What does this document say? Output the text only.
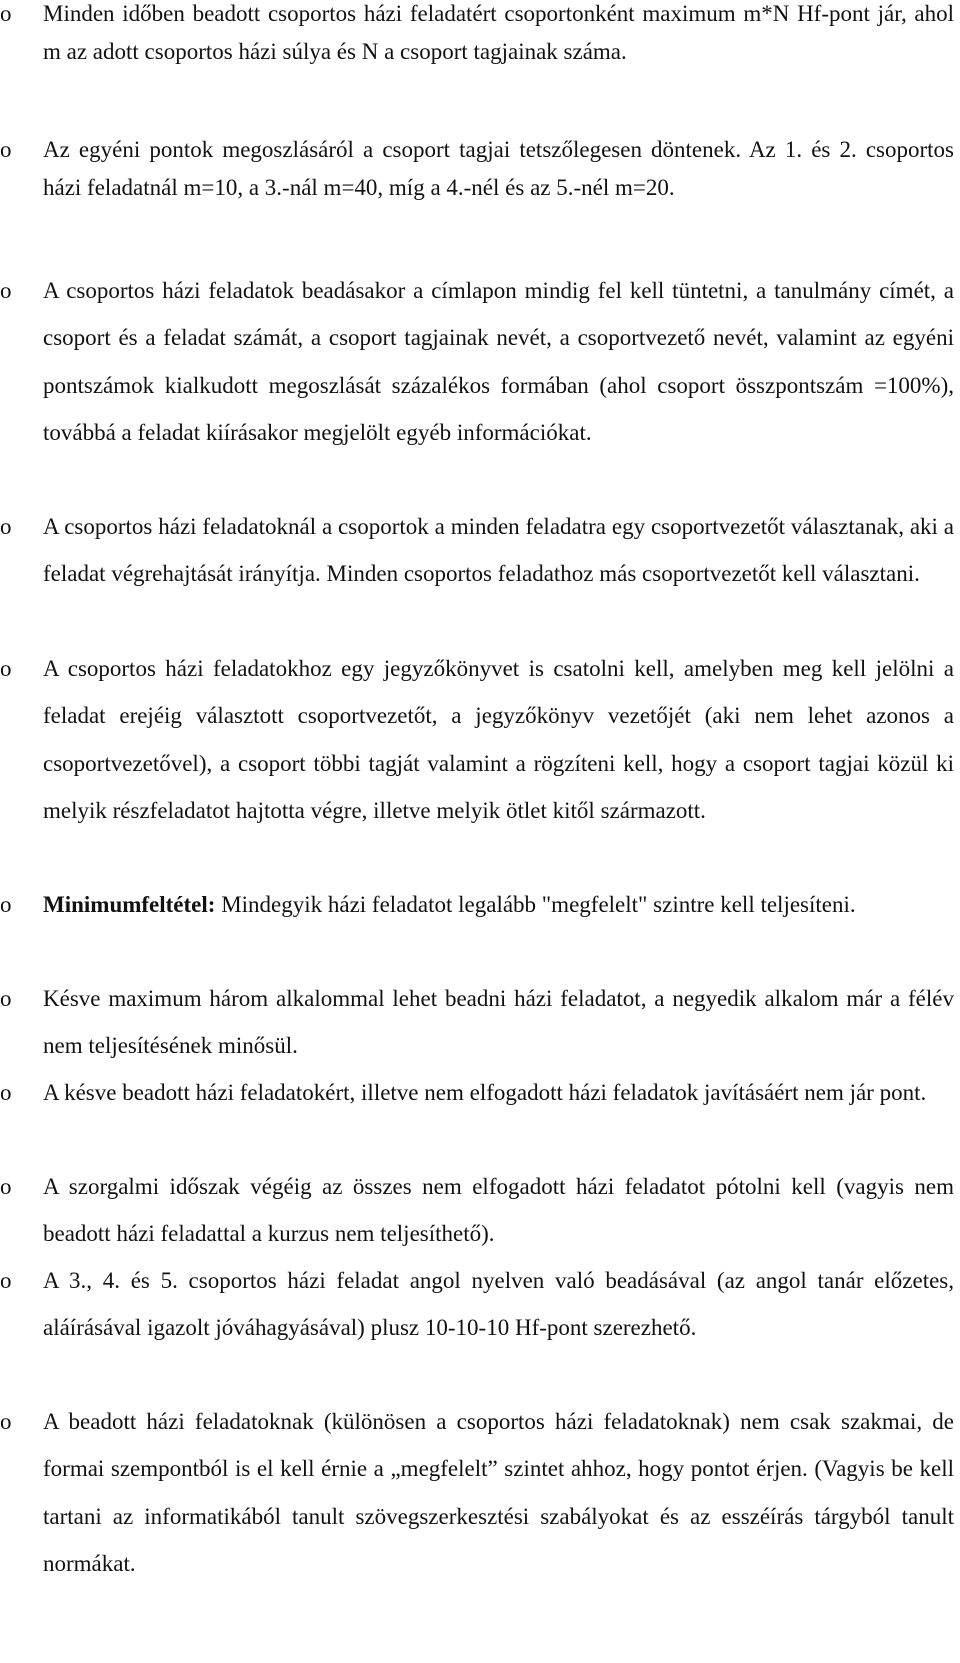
o	Minden időben beadott csoportos házi feladatért csoportonként maximum m*N Hf-pont jár, ahol m az adott csoportos házi súlya és N a csoport tagjainak száma.
o	Az egyéni pontok megoszlásáról a csoport tagjai tetszőlegesen döntenek. Az 1. és 2. csoportos házi feladatnál m=10, a 3.-nál m=40, míg a 4.-nél és az 5.-nél m=20.
o	A csoportos házi feladatok beadásakor a címlapon mindig fel kell tüntetni, a tanulmány címét, a csoport és a feladat számát, a csoport tagjainak nevét, a csoportvezető nevét, valamint az egyéni pontszámok kialkudott megoszlását százalékos formában (ahol csoport összpontszám =100%), továbbá a feladat kiírásakor megjelölt egyéb információkat.
o	A csoportos házi feladatoknál a csoportok a minden feladatra egy csoportvezetőt választanak, aki a feladat végrehajtását irányítja. Minden csoportos feladathoz más csoportvezetőt kell választani.
o	A csoportos házi feladatokhoz egy jegyzőkönyvet is csatolni kell, amelyben meg kell jelölni a feladat erejéig választott csoportvezetőt, a jegyzőkönyv vezetőjét (aki nem lehet azonos a csoportvezetővel), a csoport többi tagját valamint a rögzíteni kell, hogy a csoport tagjai közül ki melyik részfeladatot hajtotta végre, illetve melyik ötlet kitől származott.
o	Minimumfeltétel: Mindegyik házi feladatot legalább "megfelelt" szintre kell teljesíteni.
o	Késve maximum három alkalommal lehet beadni házi feladatot, a negyedik alkalom már a félév nem teljesítésének minősül.
o	A késve beadott házi feladatokért, illetve nem elfogadott házi feladatok javításáért nem jár pont.
o	A szorgalmi időszak végéig az összes nem elfogadott házi feladatot pótolni kell (vagyis nem beadott házi feladattal a kurzus nem teljesíthető).
o	A 3., 4. és 5. csoportos házi feladat angol nyelven való beadásával (az angol tanár előzetes, aláírásával igazolt jóváhagyásával) plusz 10-10-10 Hf-pont szerezhető.
o	A beadott házi feladatoknak (különösen a csoportos házi feladatoknak) nem csak szakmai, de formai szempontból is el kell érnie a „megfelelt” szintet ahhoz, hogy pontot érjen. (Vagyis be kell tartani az informatikából tanult szövegszerkesztési szabályokat és az esszéírás tárgyból tanult normákat.
